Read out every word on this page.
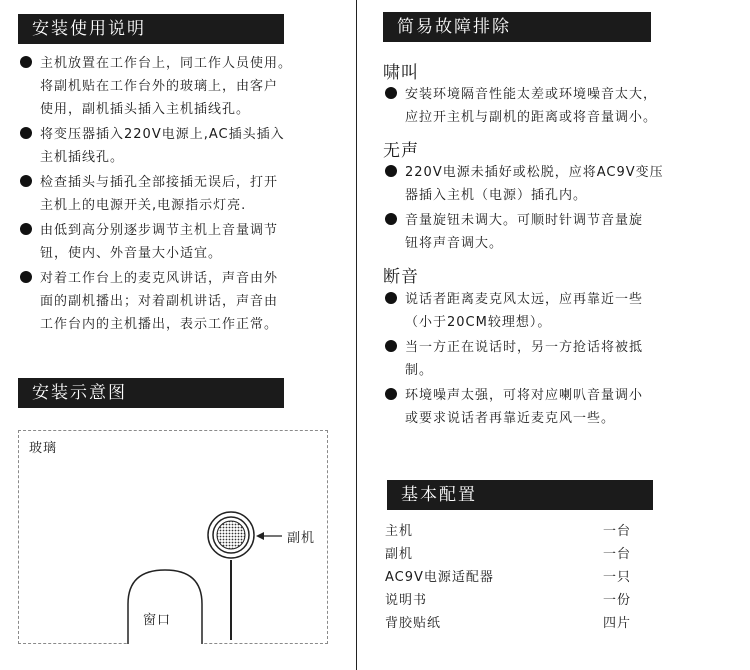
安装使用说明
主机放置在工作台上，同工作人员使用。
将副机贴在工作台外的玻璃上，由客户
使用，副机插头插入主机插线孔。
将变压器插入220V电源上,AC插头插入
主机插线孔。
检查插头与插孔全部接插无误后，打开
主机上的电源开关,电源指示灯亮.
由低到高分别逐步调节主机上音量调节
钮，使内、外音量大小适宜。
对着工作台上的麦克风讲话，声音由外
面的副机播出；对着副机讲话，声音由
工作台内的主机播出，表示工作正常。
安装示意图
玻璃
副机
窗口
简易故障排除
啸叫
安装环境隔音性能太差或环境噪音太大，
应拉开主机与副机的距离或将音量调小。
无声
220V电源未插好或松脱，应将AC9V变压
器插入主机（电源）插孔内。
音量旋钮未调大。可顺时针调节音量旋
钮将声音调大。
断音
说话者距离麦克风太远，应再靠近一些
（小于20CM较理想）。
当一方正在说话时，另一方抢话将被抵
制。
环境噪声太强，可将对应喇叭音量调小
或要求说话者再靠近麦克风一些。
基本配置
主机	一台
副机	一台
AC9V电源适配器	一只
说明书	一份
背胶贴纸	四片
